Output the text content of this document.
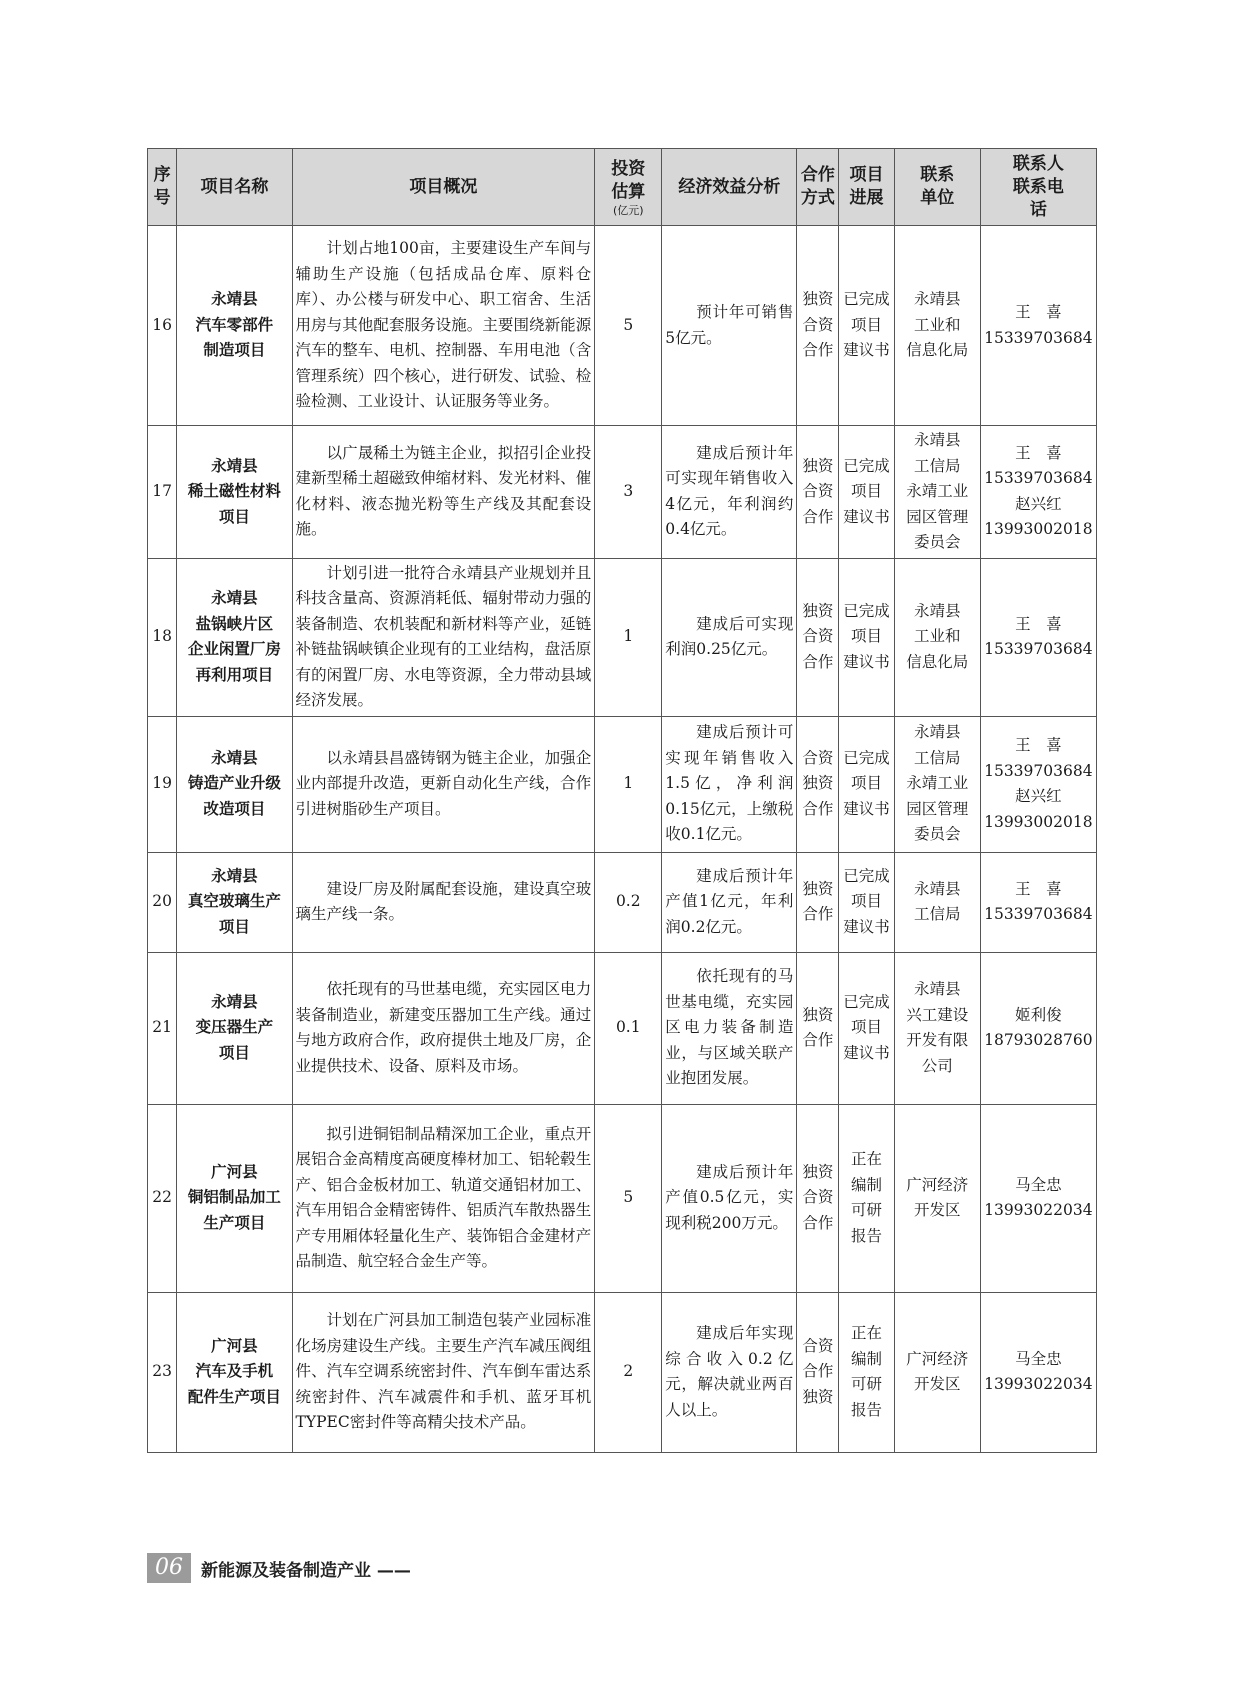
序号	项目名称	项目概况	投资估算
(亿元)	经济效益分析	合作方式	项目进展	联系单位	联系人联系电话
16	永靖县
汽车零部件
制造项目	计划占地100亩，主要建设生产车间与辅助生产设施（包括成品仓库、原料仓库）、办公楼与研发中心、职工宿舍、生活用房与其他配套服务设施。主要围绕新能源汽车的整车、电机、控制器、车用电池（含管理系统）四个核心，进行研发、试验、检验检测、工业设计、认证服务等业务。	5	预计年可销售5亿元。	独资
合资
合作	已完成
项目
建议书	永靖县
工业和
信息化局	王　喜
15339703684

17	永靖县
稀土磁性材料
项目	以广晟稀土为链主企业，拟招引企业投建新型稀土超磁致伸缩材料、发光材料、催化材料、液态抛光粉等生产线及其配套设施。	3	建成后预计年可实现年销售收入4亿元，年利润约0.4亿元。	独资
合资
合作	已完成
项目
建议书	永靖县
工信局
永靖工业
园区管理
委员会	王　喜
15339703684
赵兴红
13993002018

18	永靖县
盐锅峡片区
企业闲置厂房
再利用项目	计划引进一批符合永靖县产业规划并且科技含量高、资源消耗低、辐射带动力强的装备制造、农机装配和新材料等产业，延链补链盐锅峡镇企业现有的工业结构，盘活原有的闲置厂房、水电等资源，全力带动县域经济发展。	1	建成后可实现利润0.25亿元。	独资
合资
合作	已完成
项目
建议书	永靖县
工业和
信息化局	王　喜
15339703684

19	永靖县
铸造产业升级
改造项目	以永靖县昌盛铸钢为链主企业，加强企业内部提升改造，更新自动化生产线，合作引进树脂砂生产项目。	1	建成后预计可实现年销售收入1.5亿，净利润0.15亿元，上缴税收0.1亿元。	合资
独资
合作	已完成
项目
建议书	永靖县
工信局
永靖工业
园区管理
委员会	王　喜
15339703684
赵兴红
13993002018

20	永靖县
真空玻璃生产
项目	建设厂房及附属配套设施，建设真空玻璃生产线一条。	0.2	建成后预计年产值1亿元，年利润0.2亿元。	独资
合作	已完成
项目
建议书	永靖县
工信局	王　喜
15339703684

21	永靖县
变压器生产
项目	依托现有的马世基电缆，充实园区电力装备制造业，新建变压器加工生产线。通过与地方政府合作，政府提供土地及厂房，企业提供技术、设备、原料及市场。	0.1	依托现有的马世基电缆，充实园区电力装备制造业，与区域关联产业抱团发展。	独资
合作	已完成
项目
建议书	永靖县
兴工建设
开发有限
公司	姬利俊
18793028760

22	广河县
铜铝制品加工
生产项目	拟引进铜铝制品精深加工企业，重点开展铝合金高精度高硬度棒材加工、铝轮毂生产、铝合金板材加工、轨道交通铝材加工、汽车用铝合金精密铸件、铝质汽车散热器生产专用厢体轻量化生产、装饰铝合金建材产品制造、航空轻合金生产等。	5	建成后预计年产值0.5亿元，实现利税200万元。	独资
合资
合作	正在
编制
可研
报告	广河经济
开发区	马全忠
13993022034

23	广河县
汽车及手机
配件生产项目	计划在广河县加工制造包装产业园标准化场房建设生产线。主要生产汽车减压阀组件、汽车空调系统密封件、汽车倒车雷达系统密封件、汽车减震件和手机、蓝牙耳机TYPEC密封件等高精尖技术产品。	2	建成后年实现综合收入0.2亿元，解决就业两百人以上。	合资
合作
独资	正在
编制
可研
报告	广河经济
开发区	马全忠
13993022034
06	新能源及装备制造产业 ——
